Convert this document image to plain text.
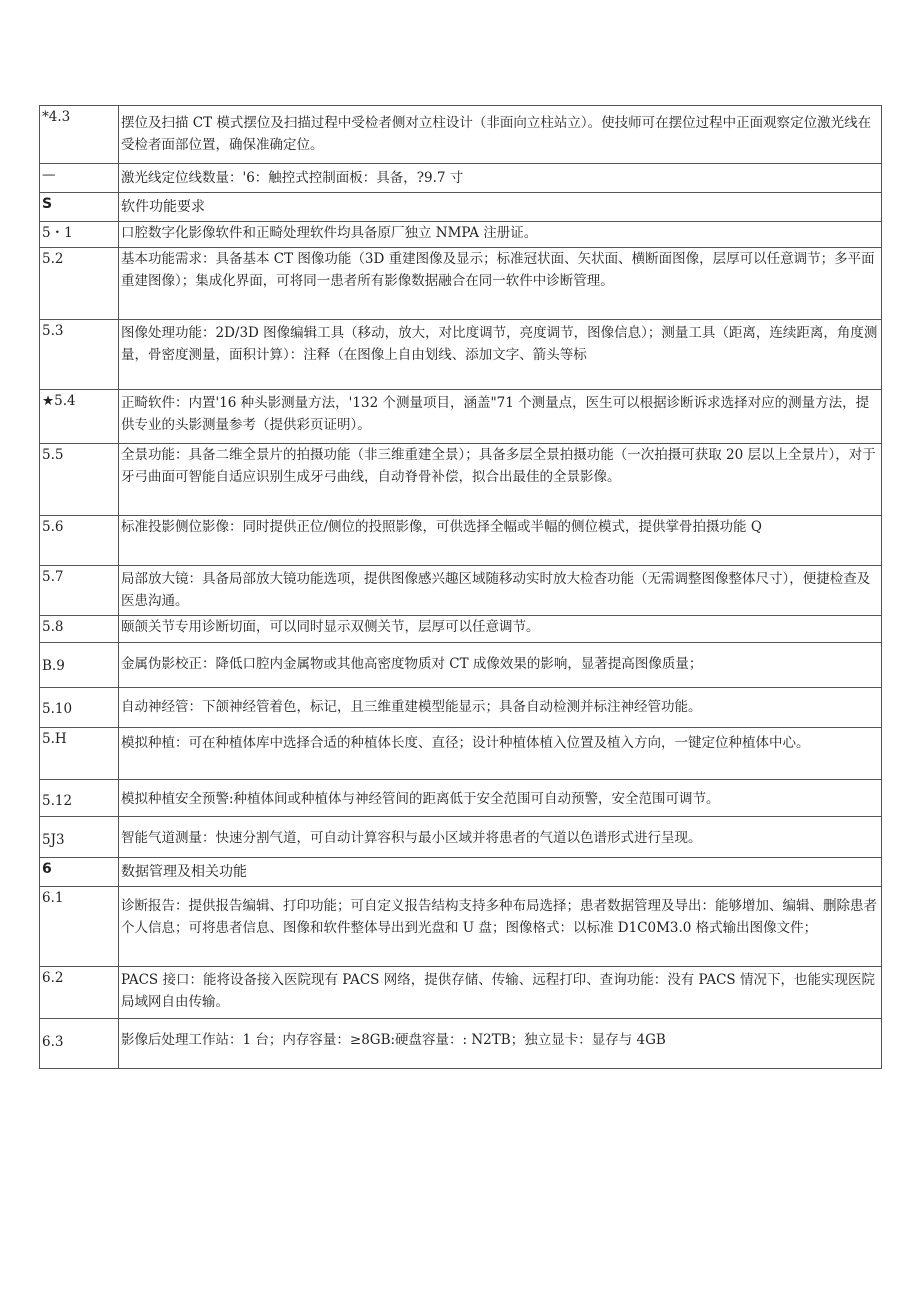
*4.3	摆位及扫描 CT 模式摆位及扫描过程中受检者侧对立柱设计（非面向立柱站立）。使技师可在摆位过程中正面观察定位激光线在受检者面部位置，确保准确定位。
—	激光线定位线数量：'6：触控式控制面板：具备，?9.7 寸
S	软件功能要求
5・1	口腔数字化影像软件和正畸处理软件均具备原厂独立 NMPA 注册证。
5.2	基本功能需求：具备基本 CT 图像功能（3D 重建图像及显示；标准冠状面、矢状面、横断面图像，层厚可以任意调节；多平面重建图像）；集成化界面，可将同一患者所有影像数据融合在同一软件中诊断管理。
5.3	图像处理功能：2D/3D 图像编辑工具（移动，放大，对比度调节，亮度调节，图像信息）；测量工具（距离，连续距离，角度测量，骨密度测量，面积计算）：注释（在图像上自由划线、添加文字、箭头等标
★5.4	正畸软件：内置'16 种头影测量方法，'132 个测量项目，涵盖"71 个测量点，医生可以根据诊断诉求选择对应的测量方法，提供专业的头影测量参考（提供彩页证明）。
5.5	全景功能：具备二维全景片的拍摄功能（非三维重建全景）；具备多层全景拍摄功能（一次拍摄可获取 20 层以上全景片），对于牙弓曲面可智能自适应识别生成牙弓曲线，自动脊骨补偿，拟合出最佳的全景影像。
5.6	标准投影侧位影像：同时提供正位/侧位的投照影像，可供选择全幅或半幅的侧位模式，提供掌骨拍摄功能 Q
5.7	局部放大镜：具备局部放大镜功能选项，提供图像感兴趣区域随移动实时放大检杳功能（无需调整图像整体尺寸），便捷检查及医患沟通。
5.8	颐颌关节专用诊断切面，可以同时显示双侧关节，层厚可以任意调节。
B.9	金属伪影校正：降低口腔内金属物或其他高密度物质对 CT 成像效果的影响，显著提高图像质量；
5.10	自动神经管：下颌神经管着色，标记，且三维重建模型能显示；具备自动检测并标注神经管功能。
5.H	模拟种植：可在种植体库中选择合适的种植体长度、直径；设计种植体植入位置及植入方向，一键定位种植体中心。
5.12	模拟种植安全预警:种植体间或种植体与神经管间的距离低于安全范围可自动预警，安全范围可调节。
5J3	智能气道测量：快速分割气道，可自动计算容积与最小区域并将患者的气道以色谱形式进行呈现。
6	数据管理及相关功能
6.1	诊断报告：提供报告编辑、打印功能；可自定义报告结构支持多种布局选择；患者数据管理及导出：能够增加、编辑、删除患者个人信息；可将患者信息、图像和软件整体导出到光盘和 U 盘；图像格式：以标准 D1C0M3.0 格式输出图像文件；
6.2	PACS 接口：能将设备接入医院现有 PACS 网络，提供存储、传输、远程打印、查询功能：没有 PACS 情况下，也能实现医院局域网自由传输。
6.3	影像后处理工作站：1 台；内存容量：≥8GB:硬盘容量：: N2TB；独立显卡：显存与 4GB
